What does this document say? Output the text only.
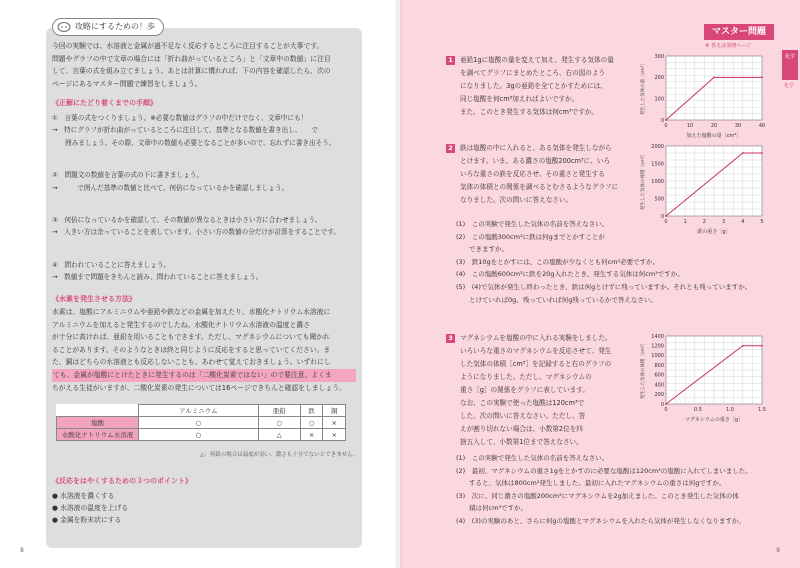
攻略にするための！歩
今回の実験では、水溶液と金属が過不足なく反応するところに注目することが大事です。
問題やグラフの中で文章の場合には「折れ曲がっているところ」と「文章中の数値」に注目
して、言葉の式を組み立てましょう。あとは計算に慣れれば、下の内容を確認したら、次の
ページにあるマスター問題で練習をしましょう。
《正解にたどり着くまでの手順》
①　言葉の式をつくりましょう。※必要な数値はグラフの中だけでなく、文章中にも！
→　特にグラフが折れ曲がっているところに注目して、基準となる数値を書き出し、　　で
　　囲みましょう。その際、文章中の数値も必要となることが多いので、忘れずに書き出そう。
②　問題文の数値を言葉の式の下に書きましょう。
→　　　で囲んだ基準の数値と比べて、何倍になっているかを確認しましょう。
③　何倍になっているかを確認して、その数値が異なるときは小さい方に合わせましょう。
→　入きい方は余っていることを表しています。小さい方の数値の分だけが計算をすることです。
④　問われていることに答えましょう。
→　数値まで問題をきちんと読み、問われていることに答えましょう。
《水素を発生させる方法》
水素は、塩酸にアルミニウムや亜鉛や鉄などの金属を加えたり、水酸化ナトリウム水溶液に
アルミニウムを加えると発生するのでしたね。水酸化ナトリウム水溶液の温度と濃さ
が十分に高ければ、亜鉛を用いることもできます。ただし、マグネシウムについても聞かれ
ることがあります。そのようなときは終と同じように反応をすると思っていてください。ま
た、銅はどちらの水溶液とも反応しないことも、あわせて覚えておきましょう。いずれにし
ても、金属が塩酸にとけたときに発生するのは「二酸化炭素ではない」ので要注意。よくま
ちがえる生徒がいますが、二酸化炭素の発生については16ページできちんと確認をしましょう。
	アルミニウム	亜鉛	鉄	銅
塩酸	○	○	○	×
水酸化ナトリウム水溶液	○	△	×	×
△：亜鉛の場合は温度が高い、濃さも十分でないとできません。
《反応をはやくするための３つのポイント》
● 水溶液を濃くする
● 水溶液の温度を上げる
● 金属を粉末状にする
8	9
マスター問題
⑨ 答えは別冊ページ
化学
化学
1	亜鉛1gに塩酸の量を変えて加え、発生する気体の量
を調べてグラフにまとめたところ、右の図のよう
になりました。3gの亜鉛を全てとかすためには、
同じ塩酸を何cm³加えればよいですか。
また、このとき発生する気体は何cm³ですか。
2	鉄は塩酸の中に入れると、ある気体を発生しながら
とけます。いま、ある濃さの塩酸200cm³に、いろ
いろな重さの鉄を反応させ、その重さと発生する
気体の体積との関係を調べるとむさるようなグラフに
なりました。次の問いに答えなさい。
(1)　この実験で発生した気体の名前を答えなさい。
(2)　この塩酸300cm³に鉄は何gまでとかすことが
　　できますか。
(3)　鉄10gをとかすには、この塩酸が少なくとも何cm³必要ですか。
(4)　この塩酸600cm³に鉄を20g入れたとき、発生する気体は何cm³ですか。
(5)　(4)で気体が発生し終わったとき、鉄は何gとけずに残っていますか。それとも残っていますか。
　　とけていれば0g、残っていれば何g残っているかで答えなさい。
3	マグネシウムを塩酸の中に入れる実験をしました。
いろいろな重さのマグネシウムを反応させて、発生
した気体の体積［cm³］を記録すると右のグラフの
ようになりました。ただし、マグネシウムの
重さ［g］の関係をグラフに表しています。
なお、この実験で使った塩酸は120cm³で
した。次の問いに答えなさい。ただし、答
えが割り切れない場合は、小数第2位を四
捨五入して、小数第1位まで答えなさい。
(1)　この実験で発生した気体の名前を答えなさい。
(2)　最初、マグネシウムの重さ1gをとかすのに必要な塩酸は120cm³の塩酸に入れてしまいました。
　　すると、気体は800cm³発生しました。最初に入れたマグネシウムの重さは何gですか。
(3)　次に、同じ濃さの塩酸200cm³にマグネシウムを2g加えました。このとき発生した気体の体
　　積は何cm³ですか。
(4)　(3)の実験のあと、さらに何gの塩酸とマグネシウムを入れたら気体が発生しなくなりますか。
0	10	20	30	40
0
100
200
300
加えた塩酸の量［cm³］
発生した気体の量［cm³］
0	1	2	3	4	5
0
500
1000
1500
2000
鉄の重さ［g］
発生した気体の体積［cm³］
0	0.5	1.0	1.5
0
200
400
600
800
1000
1200
1400
マグネシウムの重さ［g］
発生した気体の体積［cm³］
